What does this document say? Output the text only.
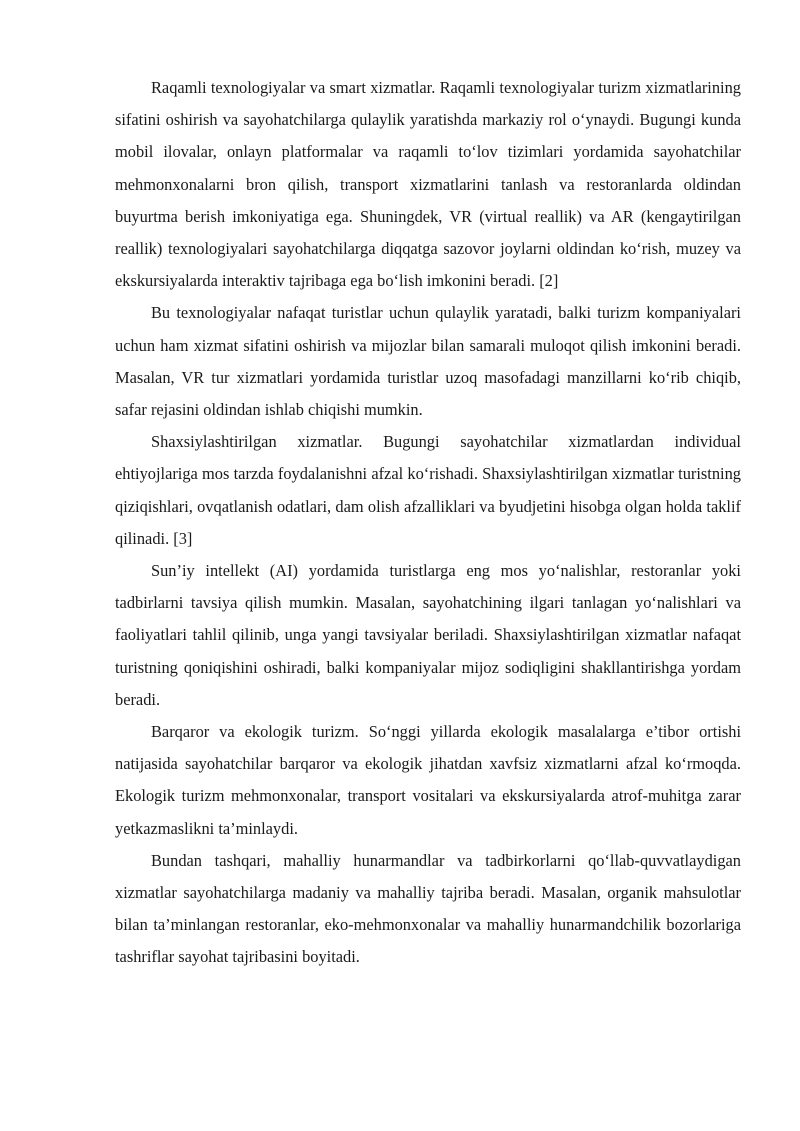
Raqamli texnologiyalar va smart xizmatlar. Raqamli texnologiyalar turizm xizmatlarining sifatini oshirish va sayohatchilarga qulaylik yaratishda markaziy rol o‘ynaydi. Bugungi kunda mobil ilovalar, onlayn platformalar va raqamli to‘lov tizimlari yordamida sayohatchilar mehmonxonalarni bron qilish, transport xizmatlarini tanlash va restoranlarda oldindan buyurtma berish imkoniyatiga ega. Shuningdek, VR (virtual reallik) va AR (kengaytirilgan reallik) texnologiyalari sayohatchilarga diqqatga sazovor joylarni oldindan ko‘rish, muzey va ekskursiyalarda interaktiv tajribaga ega bo‘lish imkonini beradi. [2]

Bu texnologiyalar nafaqat turistlar uchun qulaylik yaratadi, balki turizm kompaniyalari uchun ham xizmat sifatini oshirish va mijozlar bilan samarali muloqot qilish imkonini beradi. Masalan, VR tur xizmatlari yordamida turistlar uzoq masofadagi manzillarni ko‘rib chiqib, safar rejasini oldindan ishlab chiqishi mumkin.

Shaxsiylashtirilgan xizmatlar. Bugungi sayohatchilar xizmatlardan individual ehtiyojlariga mos tarzda foydalanishni afzal ko‘rishadi. Shaxsiylashtirilgan xizmatlar turistning qiziqishlari, ovqatlanish odatlari, dam olish afzalliklari va byudjetini hisobga olgan holda taklif qilinadi. [3]

Sun’iy intellekt (AI) yordamida turistlarga eng mos yo‘nalishlar, restoranlar yoki tadbirlarni tavsiya qilish mumkin. Masalan, sayohatchining ilgari tanlagan yo‘nalishlari va faoliyatlari tahlil qilinib, unga yangi tavsiyalar beriladi. Shaxsiylashtirilgan xizmatlar nafaqat turistning qoniqishini oshiradi, balki kompaniyalar mijoz sodiqligini shakllantirishga yordam beradi.

Barqaror va ekologik turizm. So‘nggi yillarda ekologik masalalarga e’tibor ortishi natijasida sayohatchilar barqaror va ekologik jihatdan xavfsiz xizmatlarni afzal ko‘rmoqda. Ekologik turizm mehmonxonalar, transport vositalari va ekskursiyalarda atrof-muhitga zarar yetkazmaslikni ta’minlaydi.

Bundan tashqari, mahalliy hunarmandlar va tadbirkorlarni qo‘llab-quvvatlaydigan xizmatlar sayohatchilarga madaniy va mahalliy tajriba beradi. Masalan, organik mahsulotlar bilan ta’minlangan restoranlar, eko-mehmonxonalar va mahalliy hunarmandchilik bozorlariga tashriflar sayohat tajribasini boyitadi.
